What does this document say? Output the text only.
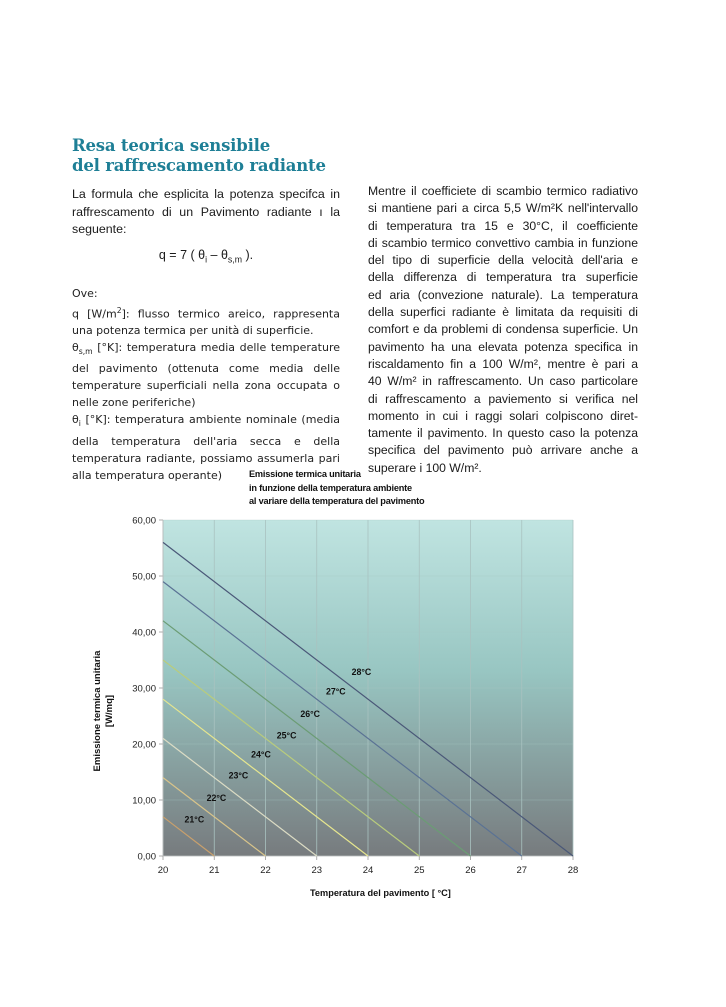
Resa teorica sensibile
del raffrescamento radiante

La formula che esplicita la potenza specifca in raffrescamento di un Pavimento radiante ı la seguente:

q = 7 ( $\theta_i - \theta_{s,m}$ ).
Ove:
q $[W/m^2]$: flusso termico areico, rappresenta una potenza termica per unità di superficie.
$\theta_{s,m}$ [°K]: temperatura media delle temperature del pavimento (ottenuta come media delle temperature superficiali nella zona occupata o nelle zone periferiche)
$\theta_i$ [°K]: temperatura ambiente nominale (media della temperatura dell'aria secca e della temperatura radiante, possiamo assumerla pari alla temperatura operante)
Mentre il coefficiete di scambio termico radiativo
si mantiene pari a circa 5,5 W/m²K nell'intervallo
di temperatura tra 15 e 30°C, il coefficiente
di scambio termico convettivo cambia in funzione
del tipo di superficie della velocità dell'aria e
della differenza di temperatura tra superficie
ed aria (convezione naturale). La temperatura
della superfici radiante è limitata da requisiti di
comfort e da problemi di condensa superficie. Un
pavimento ha una elevata potenza specifica in
riscaldamento fin a 100 W/m², mentre è pari a
40 W/m² in raffrescamento. Un caso particolare
di raffrescamento a paviemento si verifica nel
momento in cui i raggi solari colpiscono diret-
tamente il pavimento. In questo caso la potenza
specifica del pavimento può arrivare anche a
superare i 100 W/m².
Emissione termica unitaria
in funzione della temperatura ambiente
al variare della temperatura del pavimento
20	21	22	23	24	25	26	27	28
0,00
10,00
20,00
30,00
40,00
50,00
60,00
21°C
22°C
23°C
24°C
25°C
26°C
27°C
28°C
Emissione termica unitaria [W/mq]
Temperatura del pavimento [ °C]
